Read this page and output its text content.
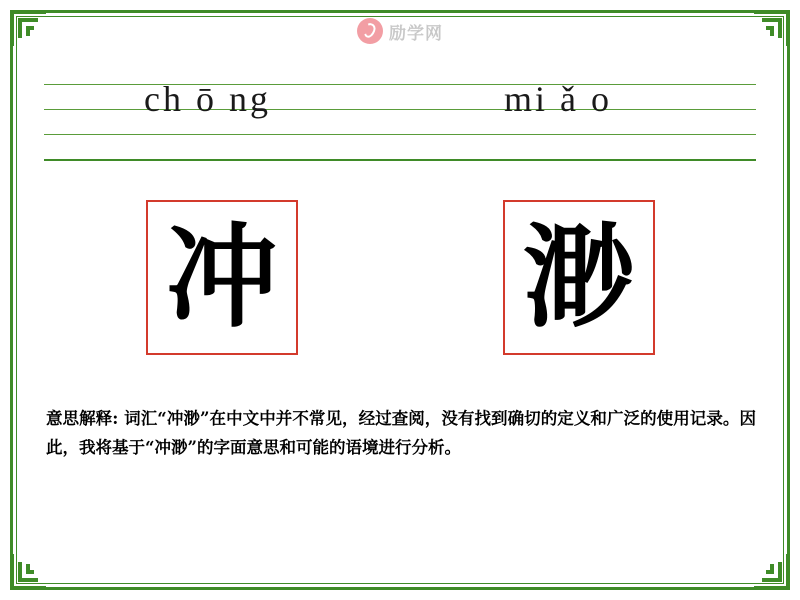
励学网
ch ō ng	mi ǎ o
冲 渺
意思解释: 词汇“冲渺”在中文中并不常见，经过查阅，没有找到确切的定义和广泛的使用记录。因此，我将基于“冲渺”的字面意思和可能的语境进行分析。
